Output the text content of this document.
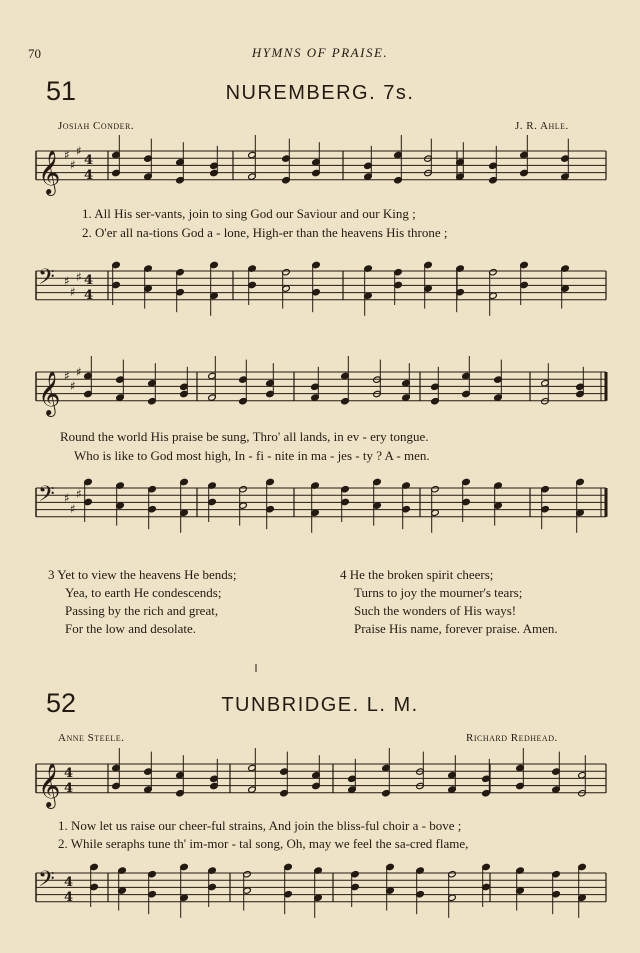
70	HYMNS OF PRAISE.
51	NUREMBERG. 7s.
Josiah Conder.	J. R. Ahle.
1. All His ser-vants, join to sing God our Saviour and our King ;
2. O'er all na-tions God a - lone, High-er than the heavens His throne ;
Round the world His praise be sung, Thro' all lands, in ev - ery tongue.
Who is like to God most high, In - fi - nite in ma - jes - ty ? A - men.
3 Yet to view the heavens He bends;
Yea, to earth He condescends;
Passing by the rich and great,
For the low and desolate.
4 He the broken spirit cheers;
Turns to joy the mourner's tears;
Such the wonders of His ways!
Praise His name, forever praise. Amen.
52	TUNBRIDGE. L. M.
Anne Steele.	Richard Redhead.
1. Now let us raise our cheer-ful strains, And join the bliss-ful choir a - bove ;
2. While seraphs tune th' im-mor - tal song, Oh, may we feel the sa-cred flame,
𝄞 4
4
♯
♯
♯
𝄢 4
4
♯
♯
♯
𝄞 ♯
♯
♯
𝄢 ♯
♯
♯
𝄞 4
4
𝄢 4
4
